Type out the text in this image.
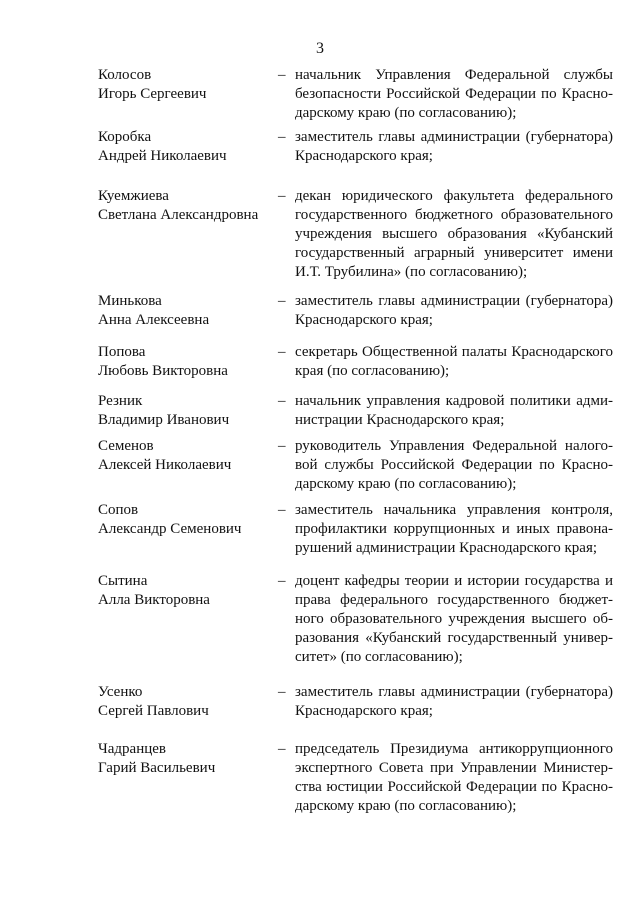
3
Колосов
Игорь Сергеевич
– начальник Управления Федеральной службы
безопасности Российской Федерации по Красно-
дарскому краю (по согласованию);
Коробка
Андрей Николаевич
– заместитель главы администрации (губернатора)
Краснодарского края;
Куемжиева
Светлана Александровна
– декан юридического факультета федерального
государственного бюджетного образовательного
учреждения высшего образования «Кубанский
государственный аграрный университет имени
И.Т. Трубилина» (по согласованию);
Минькова
Анна Алексеевна
– заместитель главы администрации (губернатора)
Краснодарского края;
Попова
Любовь Викторовна
– секретарь Общественной палаты Краснодарского
края (по согласованию);
Резник
Владимир Иванович
– начальник управления кадровой политики адми-
нистрации Краснодарского края;
Семенов
Алексей Николаевич
– руководитель Управления Федеральной налого-
вой службы Российской Федерации по Красно-
дарскому краю (по согласованию);
Сопов
Александр Семенович
– заместитель начальника управления контроля,
профилактики коррупционных и иных правона-
рушений администрации Краснодарского края;
Сытина
Алла Викторовна
– доцент кафедры теории и истории государства и
права федерального государственного бюджет-
ного образовательного учреждения высшего об-
разования «Кубанский государственный универ-
ситет» (по согласованию);
Усенко
Сергей Павлович
– заместитель главы администрации (губернатора)
Краснодарского края;
Чадранцев
Гарий Васильевич
– председатель Президиума антикоррупционного
экспертного Совета при Управлении Министер-
ства юстиции Российской Федерации по Красно-
дарскому краю (по согласованию);
